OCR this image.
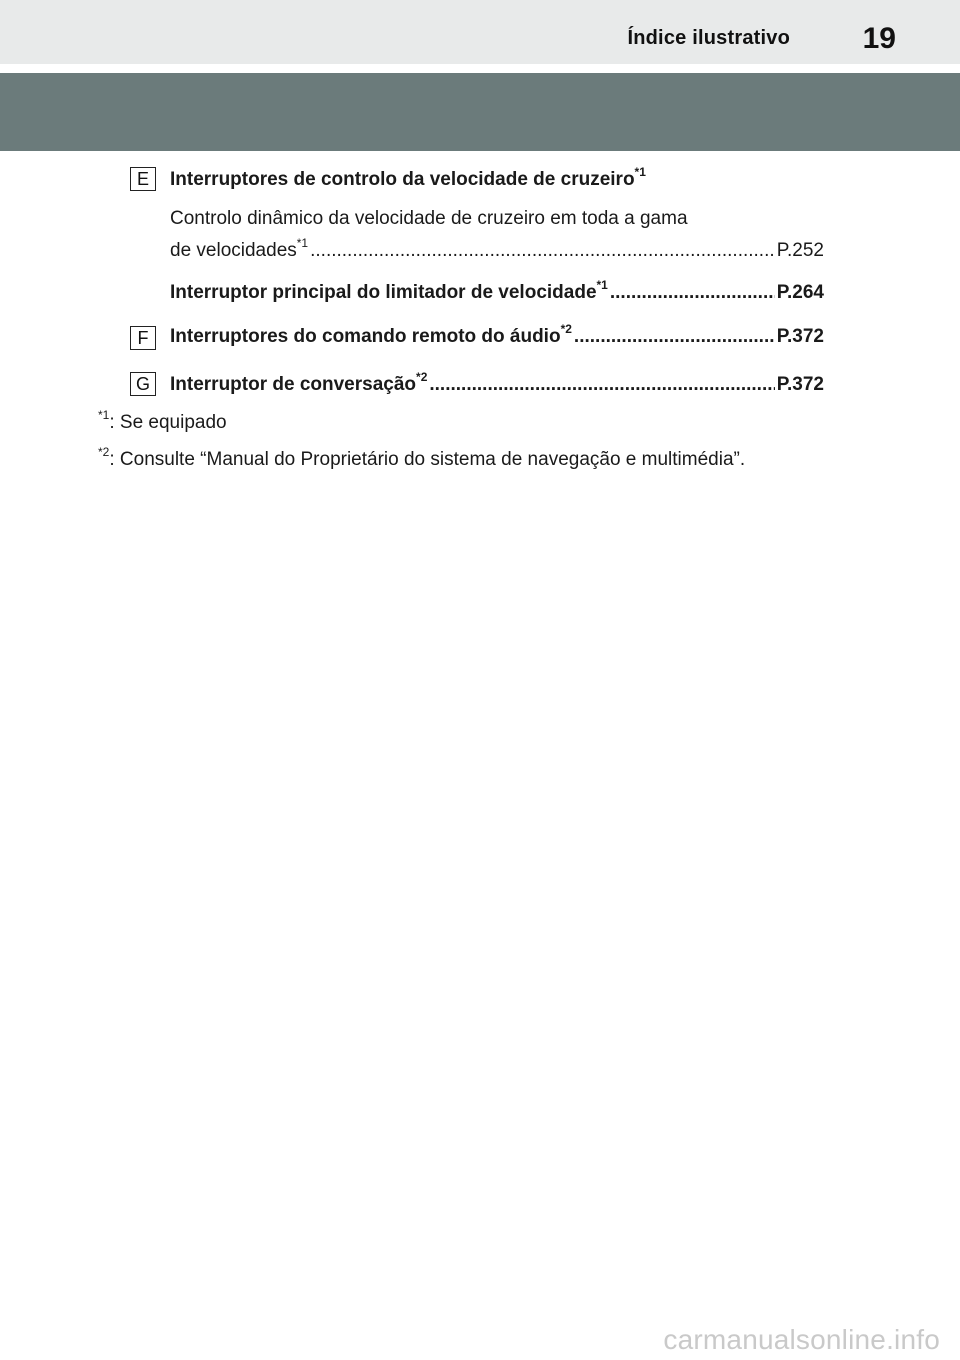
Índice ilustrativo 19
E	Interruptores de controlo da velocidade de cruzeiro$^{*1}$
Controlo dinâmico da velocidade de cruzeiro em toda a gama
de velocidades$^{*1}$ .....	P.252
Interruptor principal do limitador de velocidade$^{*1}$ .....	P.264
F	Interruptores do comando remoto do áudio$^{*2}$ .....	P.372
G	Interruptor de conversação$^{*2}$ .....	P.372
$^{*1}$: Se equipado
$^{*2}$: Consulte “Manual do Proprietário do sistema de navegação e multimédia”.
carmanualsonline.info
